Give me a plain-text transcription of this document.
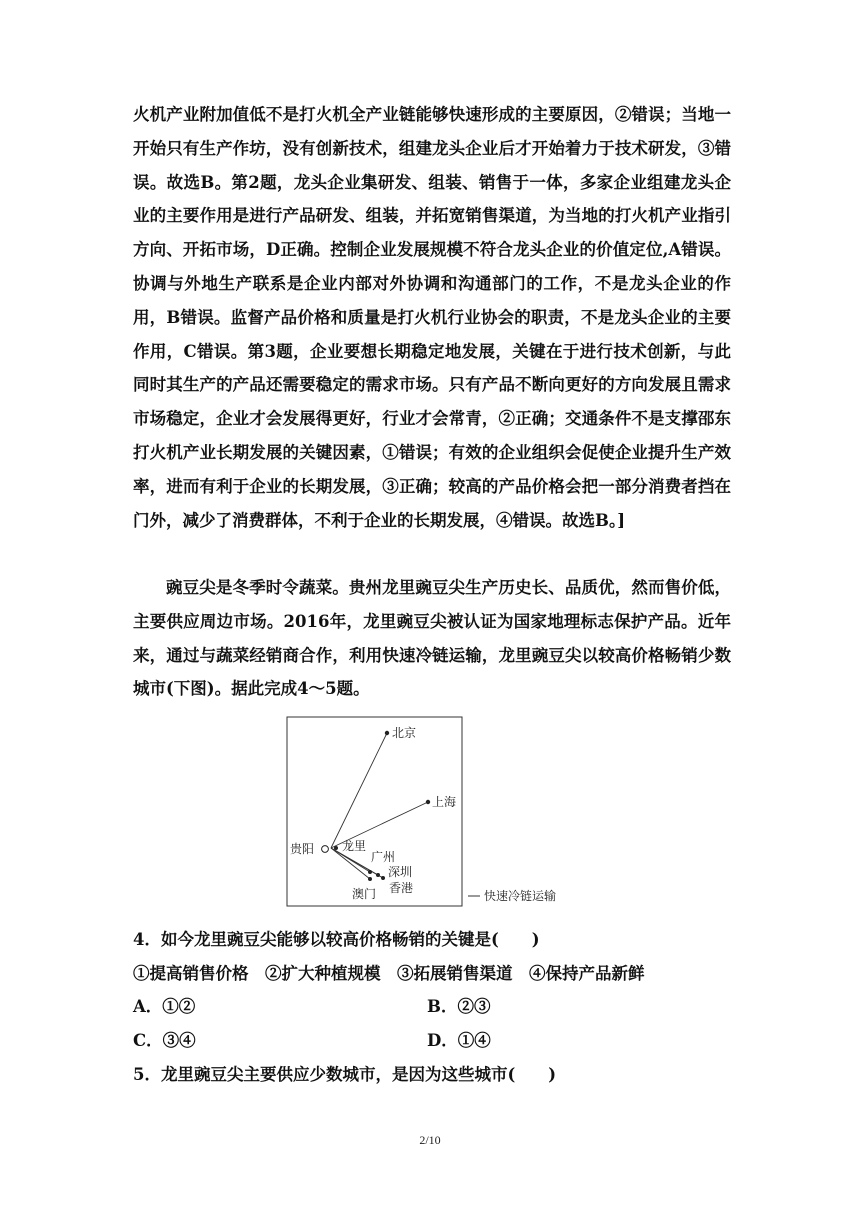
火机产业附加值低不是打火机全产业链能够快速形成的主要原因，②错误；当地一开始只有生产作坊，没有创新技术，组建龙头企业后才开始着力于技术研发，③错误。故选B。第2题，龙头企业集研发、组装、销售于一体，多家企业组建龙头企业的主要作用是进行产品研发、组装，并拓宽销售渠道，为当地的打火机产业指引方向、开拓市场，D正确。控制企业发展规模不符合龙头企业的价值定位,A错误。协调与外地生产联系是企业内部对外协调和沟通部门的工作，不是龙头企业的作用，B错误。监督产品价格和质量是打火机行业协会的职责，不是龙头企业的主要作用，C错误。第3题，企业要想长期稳定地发展，关键在于进行技术创新，与此同时其生产的产品还需要稳定的需求市场。只有产品不断向更好的方向发展且需求市场稳定，企业才会发展得更好，行业才会常青，②正确；交通条件不是支撑邵东打火机产业长期发展的关键因素，①错误；有效的企业组织会促使企业提升生产效率，进而有利于企业的长期发展，③正确；较高的产品价格会把一部分消费者挡在门外，减少了消费群体，不利于企业的长期发展，④错误。故选B。]

豌豆尖是冬季时令蔬菜。贵州龙里豌豆尖生产历史长、品质优，然而售价低，主要供应周边市场。2016年，龙里豌豆尖被认证为国家地理标志保护产品。近年来，通过与蔬菜经销商合作，利用快速冷链运输，龙里豌豆尖以较高价格畅销少数城市(下图)。据此完成4～5题。

北京
上海
贵阳 龙里
广州
深圳
香港
澳门	快速冷链运输

4．如今龙里豌豆尖能够以较高价格畅销的关键是(　　)

①提高销售价格　②扩大种植规模　③拓展销售渠道　④保持产品新鲜

A．①②	B．②③
C．③④	D．①④

5．龙里豌豆尖主要供应少数城市，是因为这些城市(　　)

2/10
